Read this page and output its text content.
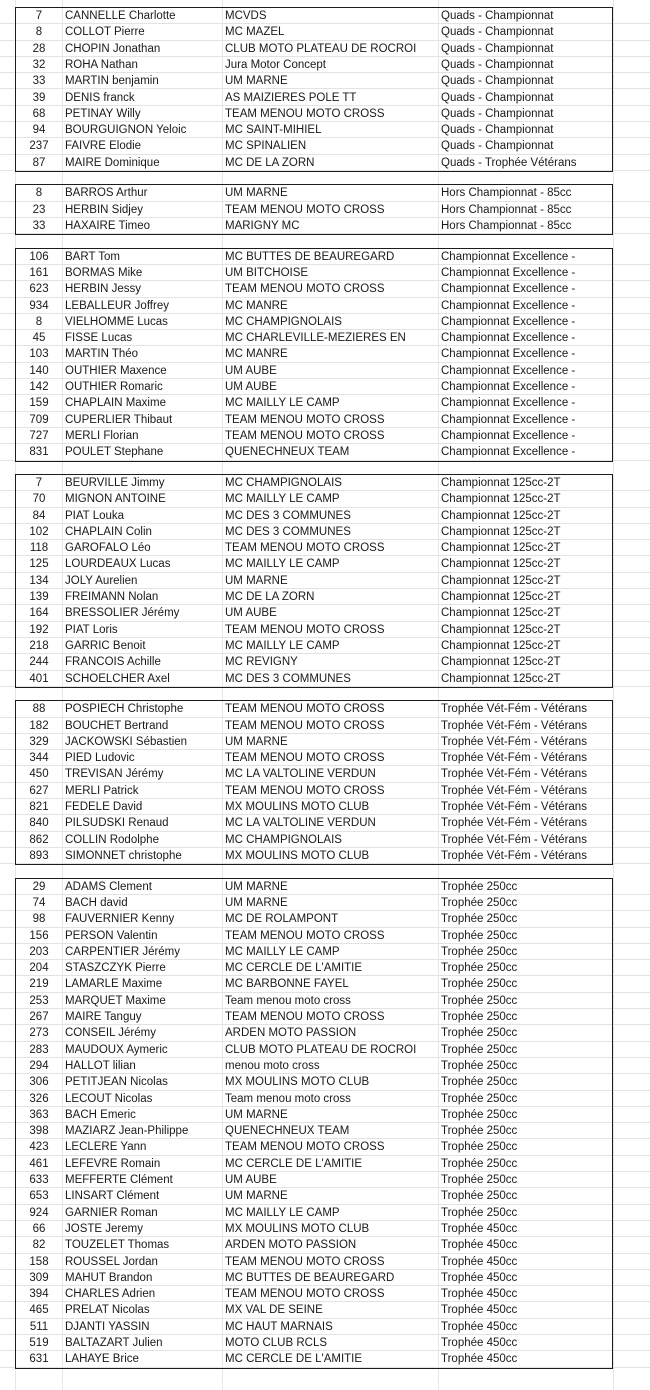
7	CANNELLE Charlotte	MCVDS	Quads - Championnat
8	COLLOT Pierre	MC MAZEL	Quads - Championnat
28	CHOPIN Jonathan	CLUB MOTO PLATEAU DE ROCROI	Quads - Championnat
32	ROHA Nathan	Jura Motor Concept	Quads - Championnat
33	MARTIN benjamin	UM MARNE	Quads - Championnat
39	DENIS franck	AS MAIZIERES POLE TT	Quads - Championnat
68	PETINAY Willy	TEAM MENOU MOTO CROSS	Quads - Championnat
94	BOURGUIGNON Yeloic	MC SAINT-MIHIEL	Quads - Championnat
237	FAIVRE Elodie	MC SPINALIEN	Quads - Championnat
87	MAIRE Dominique	MC DE LA ZORN	Quads - Trophée Vétérans
8	BARROS Arthur	UM MARNE	Hors Championnat - 85cc
23	HERBIN Sidjey	TEAM MENOU MOTO CROSS	Hors Championnat - 85cc
33	HAXAIRE Timeo	MARIGNY MC	Hors Championnat - 85cc
106	BART Tom	MC BUTTES DE BEAUREGARD	Championnat Excellence -
161	BORMAS Mike	UM BITCHOISE	Championnat Excellence -
623	HERBIN Jessy	TEAM MENOU MOTO CROSS	Championnat Excellence -
934	LEBALLEUR Joffrey	MC MANRE	Championnat Excellence -
8	VIELHOMME Lucas	MC CHAMPIGNOLAIS	Championnat Excellence -
45	FISSE Lucas	MC CHARLEVILLE-MEZIERES EN	Championnat Excellence -
103	MARTIN Théo	MC MANRE	Championnat Excellence -
140	OUTHIER Maxence	UM AUBE	Championnat Excellence -
142	OUTHIER Romaric	UM AUBE	Championnat Excellence -
159	CHAPLAIN Maxime	MC MAILLY LE CAMP	Championnat Excellence -
709	CUPERLIER Thibaut	TEAM MENOU MOTO CROSS	Championnat Excellence -
727	MERLI Florian	TEAM MENOU MOTO CROSS	Championnat Excellence -
831	POULET Stephane	QUENECHNEUX TEAM	Championnat Excellence -
7	BEURVILLE Jimmy	MC CHAMPIGNOLAIS	Championnat 125cc-2T
70	MIGNON ANTOINE	MC MAILLY LE CAMP	Championnat 125cc-2T
84	PIAT Louka	MC DES 3 COMMUNES	Championnat 125cc-2T
102	CHAPLAIN Colin	MC DES 3 COMMUNES	Championnat 125cc-2T
118	GAROFALO Léo	TEAM MENOU MOTO CROSS	Championnat 125cc-2T
125	LOURDEAUX Lucas	MC MAILLY LE CAMP	Championnat 125cc-2T
134	JOLY Aurelien	UM MARNE	Championnat 125cc-2T
139	FREIMANN Nolan	MC DE LA ZORN	Championnat 125cc-2T
164	BRESSOLIER Jérémy	UM AUBE	Championnat 125cc-2T
192	PIAT Loris	TEAM MENOU MOTO CROSS	Championnat 125cc-2T
218	GARRIC Benoit	MC MAILLY LE CAMP	Championnat 125cc-2T
244	FRANCOIS Achille	MC REVIGNY	Championnat 125cc-2T
401	SCHOELCHER Axel	MC DES 3 COMMUNES	Championnat 125cc-2T
88	POSPIECH Christophe	TEAM MENOU MOTO CROSS	Trophée Vét-Fém - Vétérans
182	BOUCHET Bertrand	TEAM MENOU MOTO CROSS	Trophée Vét-Fém - Vétérans
329	JACKOWSKI Sébastien	UM MARNE	Trophée Vét-Fém - Vétérans
344	PIED Ludovic	TEAM MENOU MOTO CROSS	Trophée Vét-Fém - Vétérans
450	TREVISAN Jérémy	MC LA VALTOLINE VERDUN	Trophée Vét-Fém - Vétérans
627	MERLI Patrick	TEAM MENOU MOTO CROSS	Trophée Vét-Fém - Vétérans
821	FEDELE David	MX MOULINS MOTO CLUB	Trophée Vét-Fém - Vétérans
840	PILSUDSKI Renaud	MC LA VALTOLINE VERDUN	Trophée Vét-Fém - Vétérans
862	COLLIN Rodolphe	MC CHAMPIGNOLAIS	Trophée Vét-Fém - Vétérans
893	SIMONNET christophe	MX MOULINS MOTO CLUB	Trophée Vét-Fém - Vétérans
29	ADAMS Clement	UM MARNE	Trophée 250cc
74	BACH david	UM MARNE	Trophée 250cc
98	FAUVERNIER Kenny	MC DE ROLAMPONT	Trophée 250cc
156	PERSON Valentin	TEAM MENOU MOTO CROSS	Trophée 250cc
203	CARPENTIER Jérémy	MC MAILLY LE CAMP	Trophée 250cc
204	STASZCZYK Pierre	MC CERCLE DE L'AMITIE	Trophée 250cc
219	LAMARLE Maxime	MC BARBONNE FAYEL	Trophée 250cc
253	MARQUET Maxime	Team menou moto cross	Trophée 250cc
267	MAIRE Tanguy	TEAM MENOU MOTO CROSS	Trophée 250cc
273	CONSEIL Jérémy	ARDEN MOTO PASSION	Trophée 250cc
283	MAUDOUX Aymeric	CLUB MOTO PLATEAU DE ROCROI	Trophée 250cc
294	HALLOT lilian	menou moto cross	Trophée 250cc
306	PETITJEAN Nicolas	MX MOULINS MOTO CLUB	Trophée 250cc
326	LECOUT Nicolas	Team menou moto cross	Trophée 250cc
363	BACH Emeric	UM MARNE	Trophée 250cc
398	MAZIARZ Jean-Philippe	QUENECHNEUX TEAM	Trophée 250cc
423	LECLERE Yann	TEAM MENOU MOTO CROSS	Trophée 250cc
461	LEFEVRE Romain	MC CERCLE DE L'AMITIE	Trophée 250cc
633	MEFFERTE Clément	UM AUBE	Trophée 250cc
653	LINSART Clément	UM MARNE	Trophée 250cc
924	GARNIER Roman	MC MAILLY LE CAMP	Trophée 250cc
66	JOSTE Jeremy	MX MOULINS MOTO CLUB	Trophée 450cc
82	TOUZELET Thomas	ARDEN MOTO PASSION	Trophée 450cc
158	ROUSSEL Jordan	TEAM MENOU MOTO CROSS	Trophée 450cc
309	MAHUT Brandon	MC BUTTES DE BEAUREGARD	Trophée 450cc
394	CHARLES Adrien	TEAM MENOU MOTO CROSS	Trophée 450cc
465	PRELAT Nicolas	MX VAL DE SEINE	Trophée 450cc
511	DJANTI YASSIN	MC HAUT MARNAIS	Trophée 450cc
519	BALTAZART Julien	MOTO CLUB RCLS	Trophée 450cc
631	LAHAYE Brice	MC CERCLE DE L'AMITIE	Trophée 450cc
